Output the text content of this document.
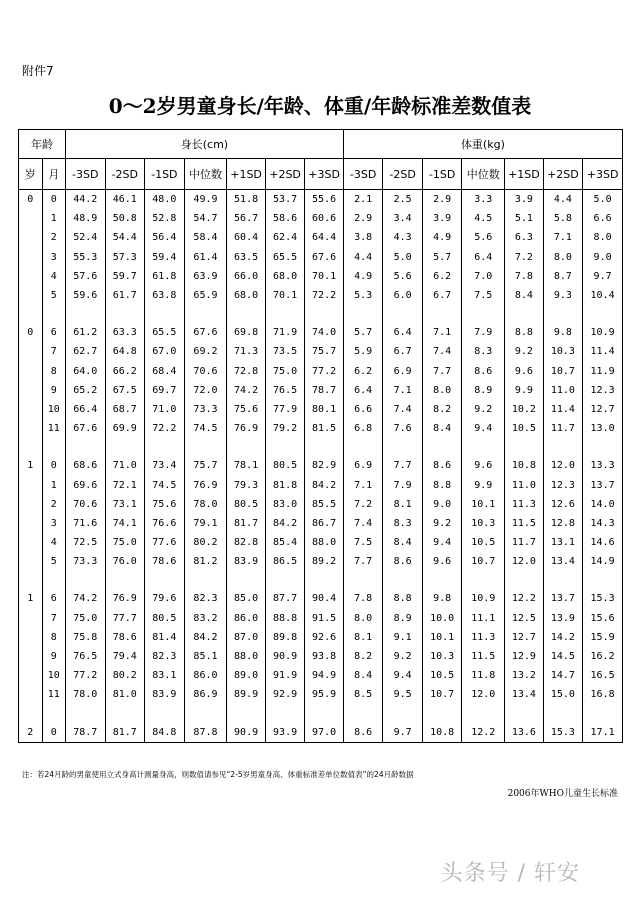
附件7
0～2岁男童身长/年龄、体重/年龄标准差数值表
年龄		身长(cm)							体重(kg)						
岁	月	-3SD	-2SD	-1SD	中位数	+1SD	+2SD	+3SD	-3SD	-2SD	-1SD	中位数	+1SD	+2SD	+3SD
0	0	44.2	46.1	48.0	49.9	51.8	53.7	55.6	2.1	2.5	2.9	3.3	3.9	4.4	5.0
	1	48.9	50.8	52.8	54.7	56.7	58.6	60.6	2.9	3.4	3.9	4.5	5.1	5.8	6.6
	2	52.4	54.4	56.4	58.4	60.4	62.4	64.4	3.8	4.3	4.9	5.6	6.3	7.1	8.0
	3	55.3	57.3	59.4	61.4	63.5	65.5	67.6	4.4	5.0	5.7	6.4	7.2	8.0	9.0
	4	57.6	59.7	61.8	63.9	66.0	68.0	70.1	4.9	5.6	6.2	7.0	7.8	8.7	9.7
	5	59.6	61.7	63.8	65.9	68.0	70.1	72.2	5.3	6.0	6.7	7.5	8.4	9.3	10.4

0	6	61.2	63.3	65.5	67.6	69.8	71.9	74.0	5.7	6.4	7.1	7.9	8.8	9.8	10.9
	7	62.7	64.8	67.0	69.2	71.3	73.5	75.7	5.9	6.7	7.4	8.3	9.2	10.3	11.4
	8	64.0	66.2	68.4	70.6	72.8	75.0	77.2	6.2	6.9	7.7	8.6	9.6	10.7	11.9
	9	65.2	67.5	69.7	72.0	74.2	76.5	78.7	6.4	7.1	8.0	8.9	9.9	11.0	12.3
	10	66.4	68.7	71.0	73.3	75.6	77.9	80.1	6.6	7.4	8.2	9.2	10.2	11.4	12.7
	11	67.6	69.9	72.2	74.5	76.9	79.2	81.5	6.8	7.6	8.4	9.4	10.5	11.7	13.0

1	0	68.6	71.0	73.4	75.7	78.1	80.5	82.9	6.9	7.7	8.6	9.6	10.8	12.0	13.3
	1	69.6	72.1	74.5	76.9	79.3	81.8	84.2	7.1	7.9	8.8	9.9	11.0	12.3	13.7
	2	70.6	73.1	75.6	78.0	80.5	83.0	85.5	7.2	8.1	9.0	10.1	11.3	12.6	14.0
	3	71.6	74.1	76.6	79.1	81.7	84.2	86.7	7.4	8.3	9.2	10.3	11.5	12.8	14.3
	4	72.5	75.0	77.6	80.2	82.8	85.4	88.0	7.5	8.4	9.4	10.5	11.7	13.1	14.6
	5	73.3	76.0	78.6	81.2	83.9	86.5	89.2	7.7	8.6	9.6	10.7	12.0	13.4	14.9

1	6	74.2	76.9	79.6	82.3	85.0	87.7	90.4	7.8	8.8	9.8	10.9	12.2	13.7	15.3
	7	75.0	77.7	80.5	83.2	86.0	88.8	91.5	8.0	8.9	10.0	11.1	12.5	13.9	15.6
	8	75.8	78.6	81.4	84.2	87.0	89.8	92.6	8.1	9.1	10.1	11.3	12.7	14.2	15.9
	9	76.5	79.4	82.3	85.1	88.0	90.9	93.8	8.2	9.2	10.3	11.5	12.9	14.5	16.2
	10	77.2	80.2	83.1	86.0	89.0	91.9	94.9	8.4	9.4	10.5	11.8	13.2	14.7	16.5
	11	78.0	81.0	83.9	86.9	89.9	92.9	95.9	8.5	9.5	10.7	12.0	13.4	15.0	16.8

2	0	78.7	81.7	84.8	87.8	90.9	93.9	97.0	8.6	9.7	10.8	12.2	13.6	15.3	17.1
注：若24月龄的男童使用立式身高计测量身高，则数值请参见“2-5岁男童身高、体重标准差单位数值表”的24月龄数据
2006年WHO儿童生长标准
头条号 / 轩安
